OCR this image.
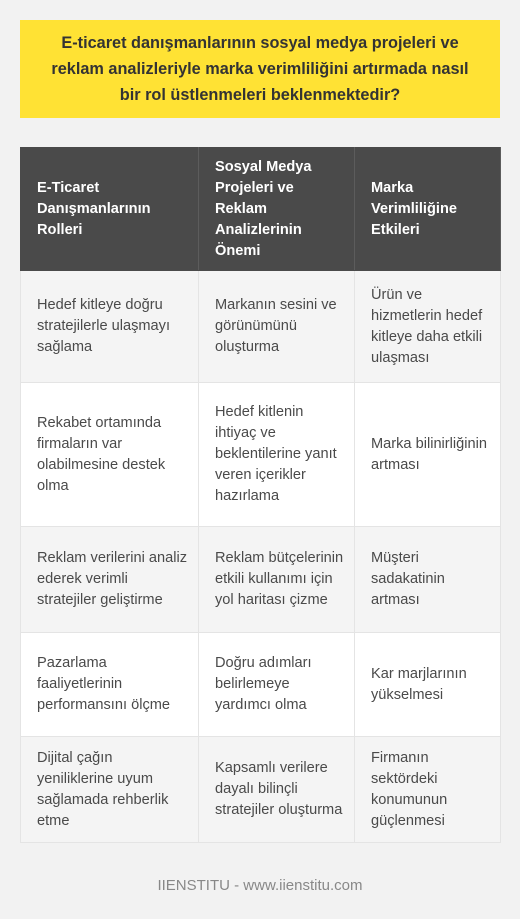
E-ticaret danışmanlarının sosyal medya projeleri ve reklam analizleriyle marka verimliliğini artırmada nasıl bir rol üstlenmeleri beklenmektedir?

E-Ticaret Danışmanlarının Rolleri	Sosyal Medya Projeleri ve Reklam Analizlerinin Önemi	Marka Verimliliğine Etkileri
Hedef kitleye doğru stratejilerle ulaşmayı sağlama	Markanın sesini ve görünümünü oluşturma	Ürün ve hizmetlerin hedef kitleye daha etkili ulaşması
Rekabet ortamında firmaların var olabilmesine destek olma	Hedef kitlenin ihtiyaç ve beklentilerine yanıt veren içerikler hazırlama	Marka bilinirliğinin artması
Reklam verilerini analiz ederek verimli stratejiler geliştirme	Reklam bütçelerinin etkili kullanımı için yol haritası çizme	Müşteri sadakatinin artması
Pazarlama faaliyetlerinin performansını ölçme	Doğru adımları belirlemeye yardımcı olma	Kar marjlarının yükselmesi
Dijital çağın yeniliklerine uyum sağlamada rehberlik etme	Kapsamlı verilere dayalı bilinçli stratejiler oluşturma	Firmanın sektördeki konumunun güçlenmesi
IIENSTITU - www.iienstitu.com
